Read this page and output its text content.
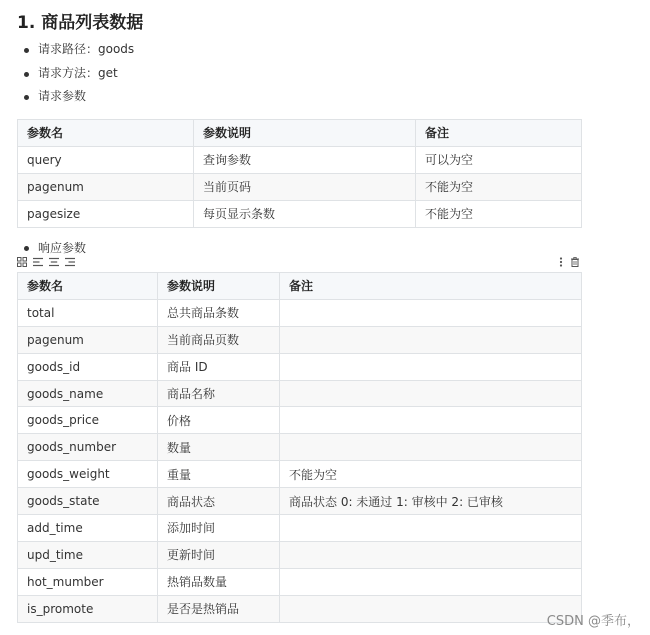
1. 商品列表数据
请求路径：goods
请求方法：get
请求参数
参数名	参数说明	备注
query	查询参数	可以为空
pagenum	当前页码	不能为空
pagesize	每页显示条数	不能为空
响应参数
参数名	参数说明	备注
total	总共商品条数	
pagenum	当前商品页数	
goods_id	商品 ID	
goods_name	商品名称	
goods_price	价格	
goods_number	数量	
goods_weight	重量	不能为空
goods_state	商品状态	商品状态 0: 未通过 1: 审核中 2: 已审核
add_time	添加时间	
upd_time	更新时间	
hot_mumber	热销品数量	
is_promote	是否是热销品	
CSDN @季布，
